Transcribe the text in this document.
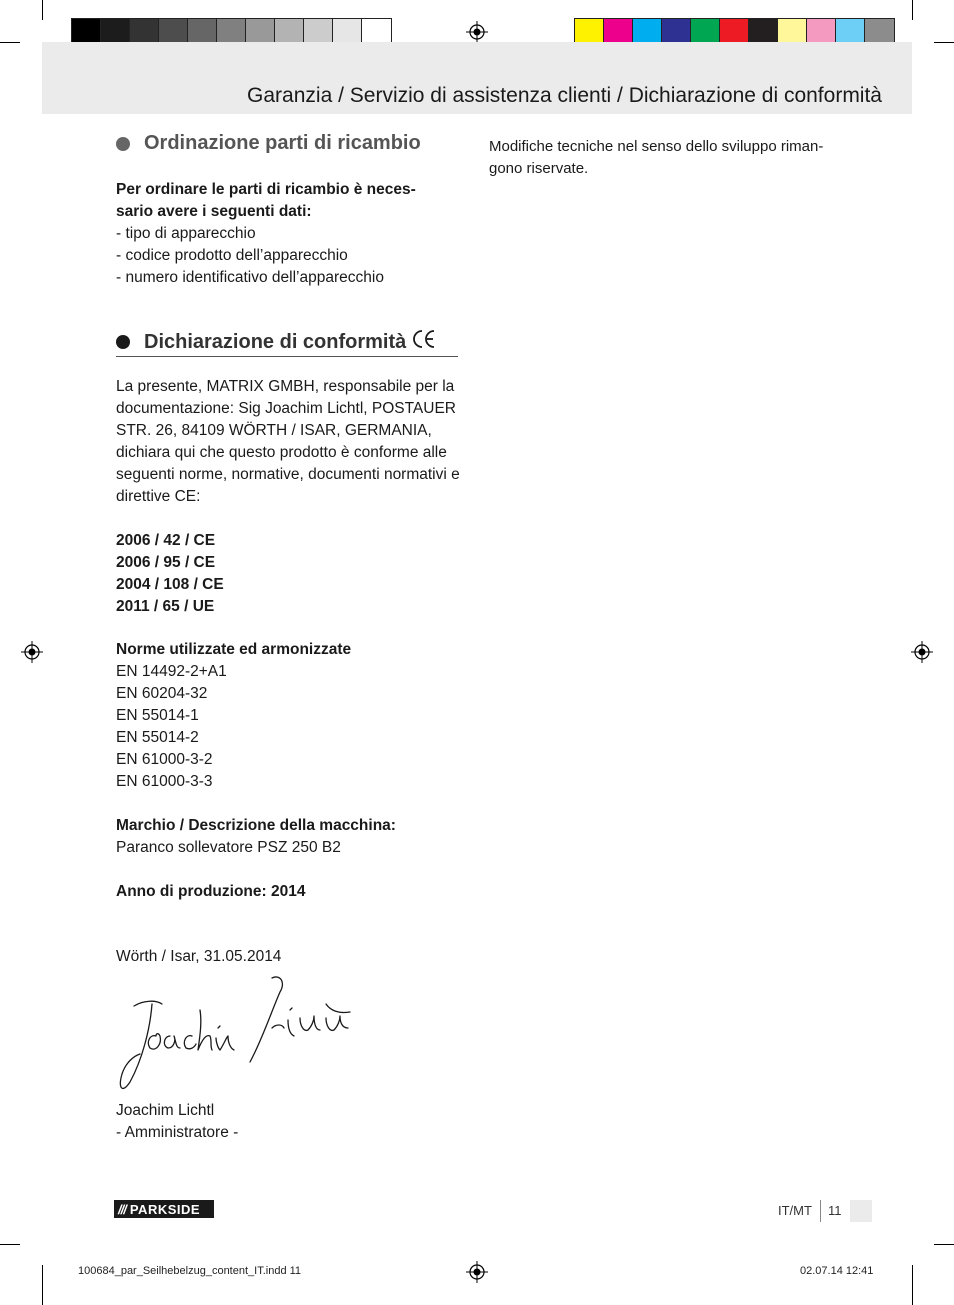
Garanzia / Servizio di assistenza clienti / Dichiarazione di conformità
Ordinazione parti di ricambio
Per ordinare le parti di ricambio è neces-
sario avere i seguenti dati:
- tipo di apparecchio
- codice prodotto dell’apparecchio
- numero identificativo dell’apparecchio
Dichiarazione di conformità
La presente, MATRIX GMBH, responsabile per la
documentazione: Sig Joachim Lichtl, POSTAUER
STR. 26, 84109 WÖRTH / ISAR, GERMANIA,
dichiara qui che questo prodotto è conforme alle
seguenti norme, normative, documenti normativi e
direttive CE:
2006 / 42 / CE
2006 / 95 / CE
2004 / 108 / CE
2011 / 65 / UE
Norme utilizzate ed armonizzate
EN 14492-2+A1
EN 60204-32
EN 55014-1
EN 55014-2
EN 61000-3-2
EN 61000-3-3
Marchio / Descrizione della macchina:
Paranco sollevatore PSZ 250 B2
Anno di produzione: 2014
Wörth / Isar, 31.05.2014
Joachim Lichtl
- Amministratore -
Modifiche tecniche nel senso dello sviluppo riman-
gono riservate.
/// PARKSIDE	IT/MT 11
100684_par_Seilhebelzug_content_IT.indd 11	02.07.14 12:41
